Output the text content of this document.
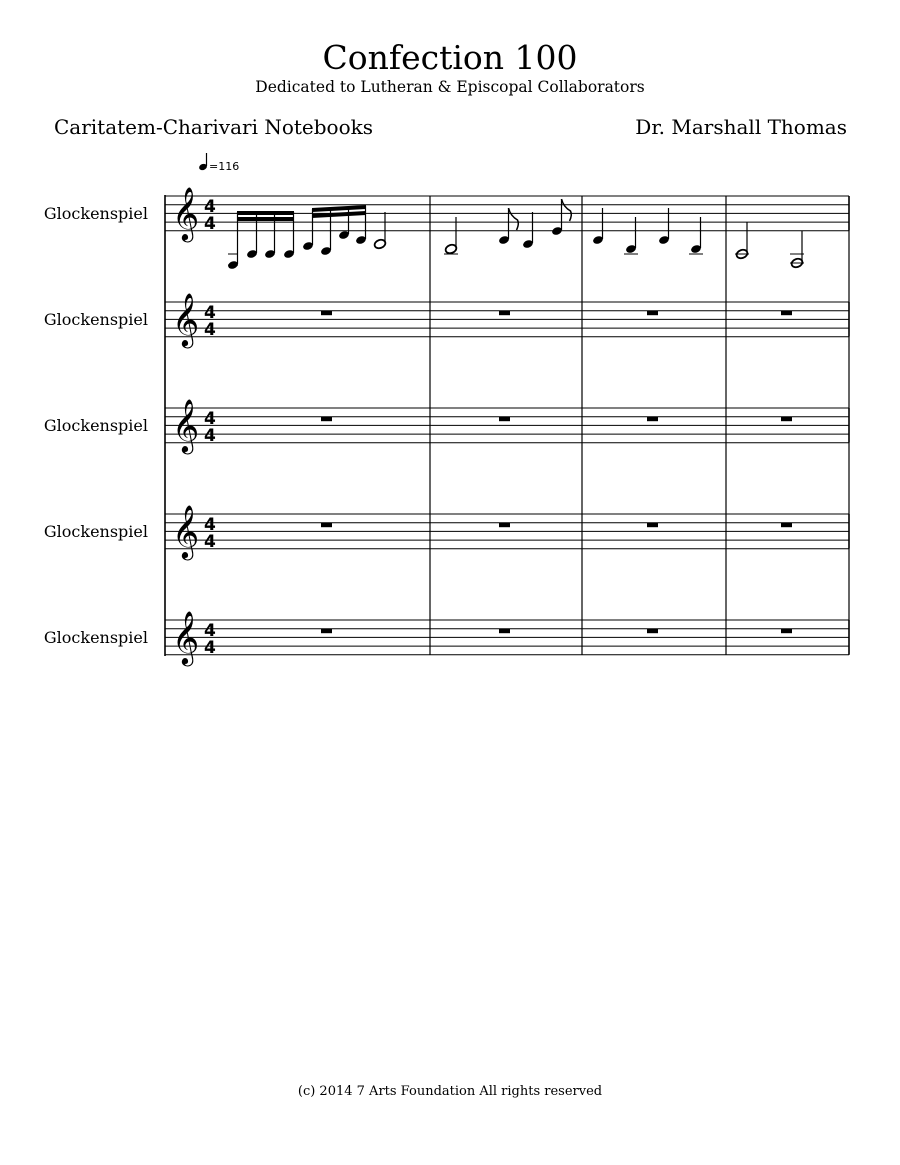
Confection 100
Dedicated to Lutheran & Episcopal Collaborators
Caritatem-Charivari Notebooks	Dr. Marshall Thomas
=116
𝄞 4
4
𝄞 4
4
𝄞 4
4
𝄞 4
4
𝄞 4
4
Glockenspiel
Glockenspiel
Glockenspiel
Glockenspiel
Glockenspiel
(c) 2014 7 Arts Foundation All rights reserved
